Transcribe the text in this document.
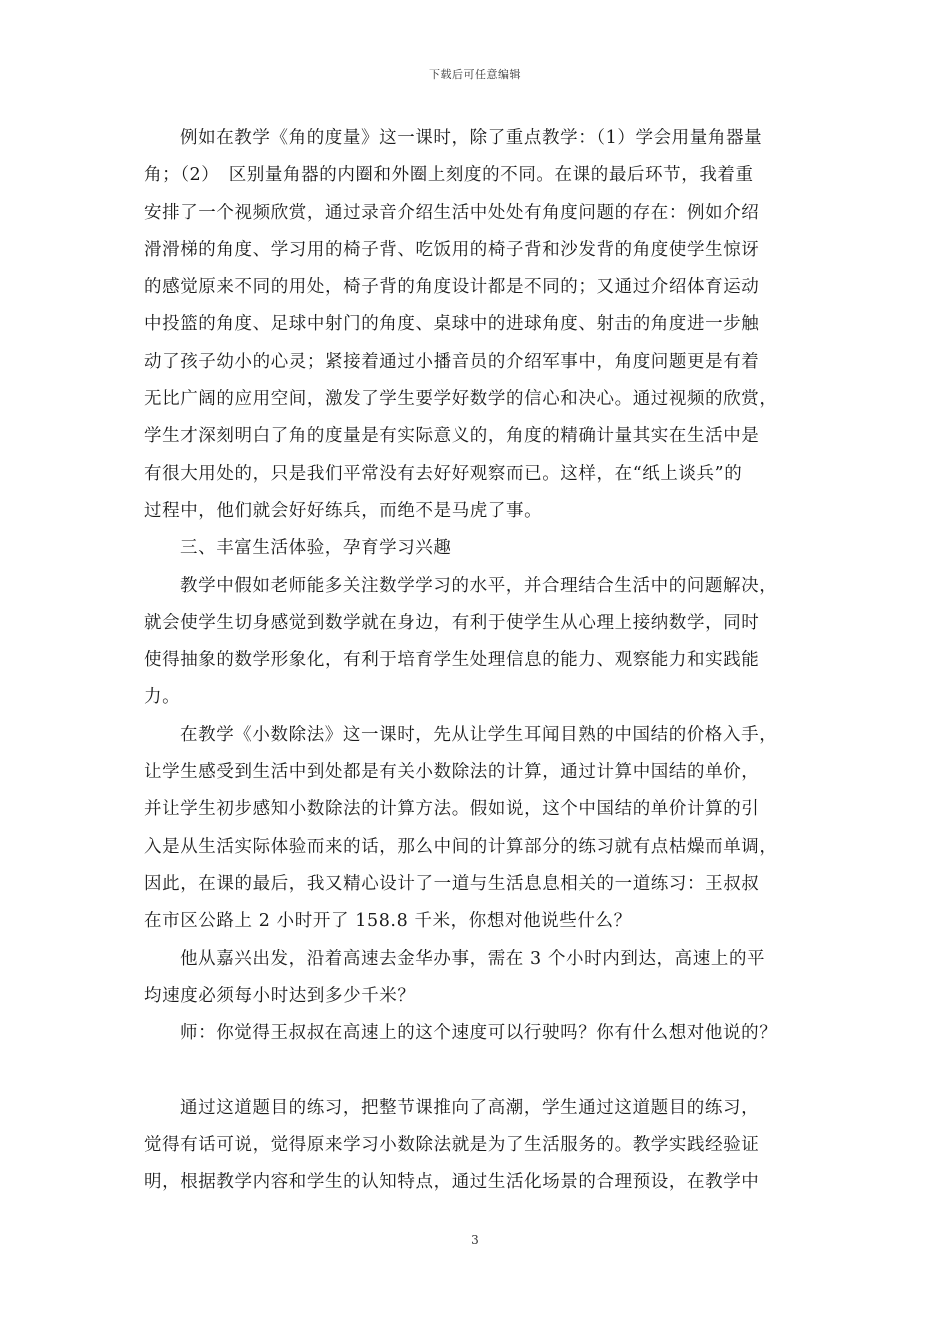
下载后可任意编辑
例如在教学《角的度量》这一课时，除了重点教学：（1）学会用量角器量
角；（2）　区别量角器的内圈和外圈上刻度的不同。在课的最后环节，我着重
安排了一个视频欣赏，通过录音介绍生活中处处有角度问题的存在：例如介绍
滑滑梯的角度、学习用的椅子背、吃饭用的椅子背和沙发背的角度使学生惊讶
的感觉原来不同的用处，椅子背的角度设计都是不同的；又通过介绍体育运动
中投篮的角度、足球中射门的角度、桌球中的进球角度、射击的角度进一步触
动了孩子幼小的心灵；紧接着通过小播音员的介绍军事中，角度问题更是有着
无比广阔的应用空间，激发了学生要学好数学的信心和决心。通过视频的欣赏，
学生才深刻明白了角的度量是有实际意义的，角度的精确计量其实在生活中是
有很大用处的，只是我们平常没有去好好观察而已。这样，在“纸上谈兵”的
过程中，他们就会好好练兵，而绝不是马虎了事。
三、丰富生活体验，孕育学习兴趣
教学中假如老师能多关注数学学习的水平，并合理结合生活中的问题解决，
就会使学生切身感觉到数学就在身边，有利于使学生从心理上接纳数学，同时
使得抽象的数学形象化，有利于培育学生处理信息的能力、观察能力和实践能
力。
在教学《小数除法》这一课时，先从让学生耳闻目熟的中国结的价格入手，
让学生感受到生活中到处都是有关小数除法的计算，通过计算中国结的单价，
并让学生初步感知小数除法的计算方法。假如说，这个中国结的单价计算的引
入是从生活实际体验而来的话，那么中间的计算部分的练习就有点枯燥而单调，
因此，在课的最后，我又精心设计了一道与生活息息相关的一道练习：王叔叔
在市区公路上 2 小时开了 158.8 千米，你想对他说些什么？
他从嘉兴出发，沿着高速去金华办事，需在 3 个小时内到达，高速上的平
均速度必须每小时达到多少千米？
师：你觉得王叔叔在高速上的这个速度可以行驶吗？你有什么想对他说的？
通过这道题目的练习，把整节课推向了高潮，学生通过这道题目的练习，
觉得有话可说，觉得原来学习小数除法就是为了生活服务的。教学实践经验证
明，根据教学内容和学生的认知特点，通过生活化场景的合理预设，在教学中
3
